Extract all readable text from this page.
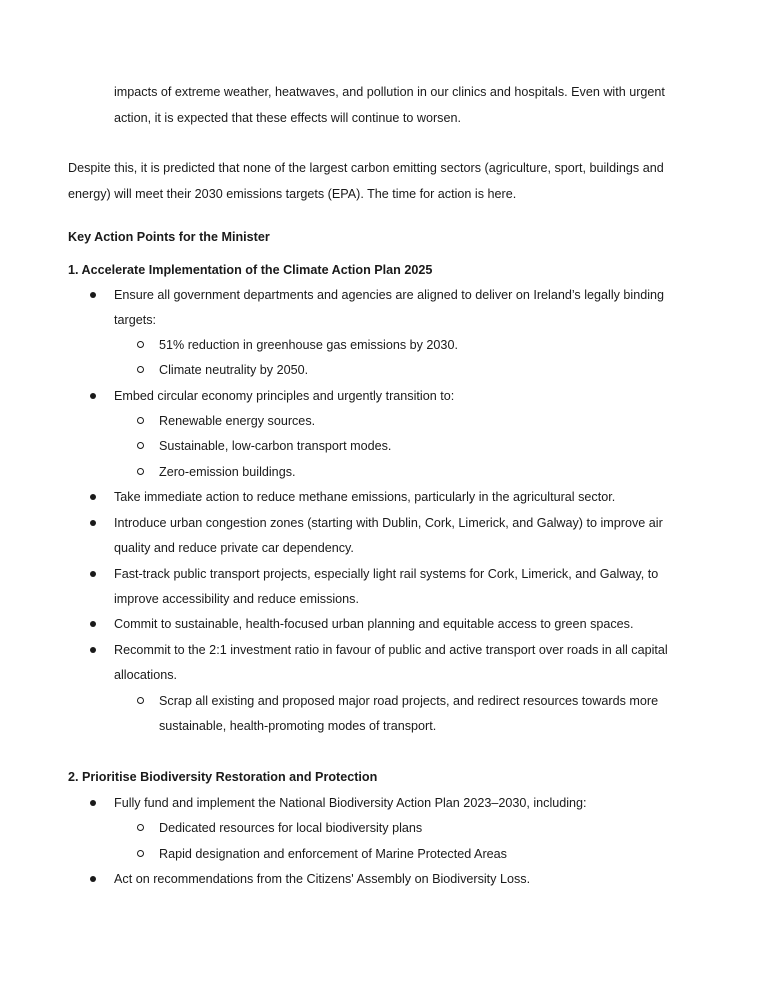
impacts of extreme weather, heatwaves, and pollution in our clinics and hospitals. Even with urgent
action, it is expected that these effects will continue to worsen.
Despite this, it is predicted that none of the largest carbon emitting sectors (agriculture, sport, buildings and
energy) will meet their 2030 emissions targets (EPA). The time for action is here.
Key Action Points for the Minister
1. Accelerate Implementation of the Climate Action Plan 2025
Ensure all government departments and agencies are aligned to deliver on Ireland’s legally binding
targets:
51% reduction in greenhouse gas emissions by 2030.
Climate neutrality by 2050.
Embed circular economy principles and urgently transition to:
Renewable energy sources.
Sustainable, low-carbon transport modes.
Zero-emission buildings.
Take immediate action to reduce methane emissions, particularly in the agricultural sector.
Introduce urban congestion zones (starting with Dublin, Cork, Limerick, and Galway) to improve air
quality and reduce private car dependency.
Fast-track public transport projects, especially light rail systems for Cork, Limerick, and Galway, to
improve accessibility and reduce emissions.
Commit to sustainable, health-focused urban planning and equitable access to green spaces.
Recommit to the 2:1 investment ratio in favour of public and active transport over roads in all capital
allocations.
Scrap all existing and proposed major road projects, and redirect resources towards more
sustainable, health-promoting modes of transport.
2. Prioritise Biodiversity Restoration and Protection
Fully fund and implement the National Biodiversity Action Plan 2023–2030, including:
Dedicated resources for local biodiversity plans
Rapid designation and enforcement of Marine Protected Areas
Act on recommendations from the Citizens' Assembly on Biodiversity Loss.
